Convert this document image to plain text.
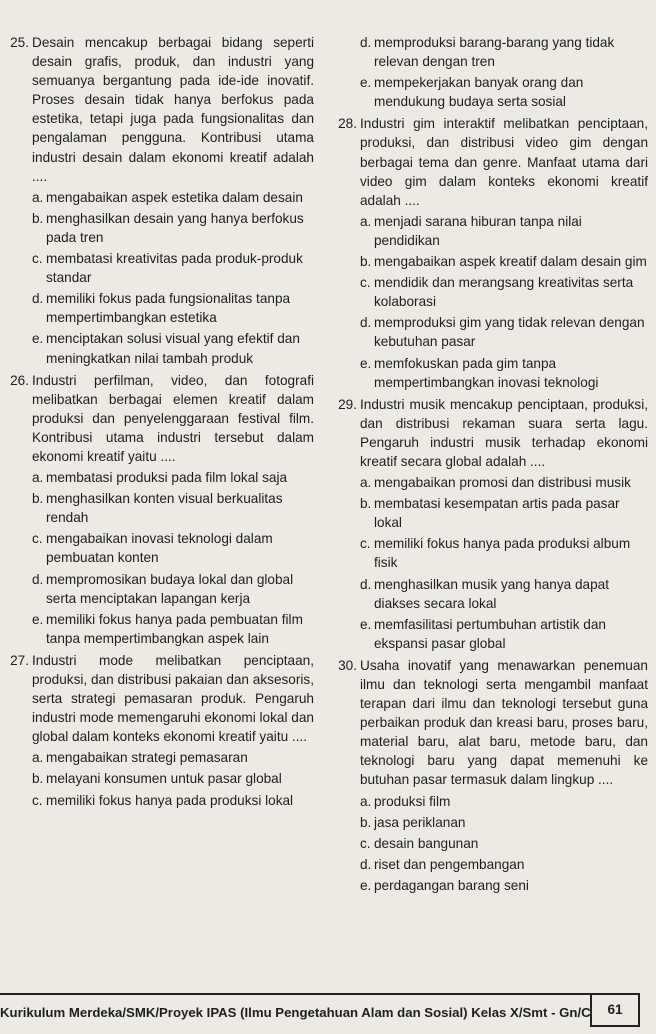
25. Desain mencakup berbagai bidang seperti desain grafis, produk, dan industri yang semuanya bergantung pada ide-ide inovatif. Proses desain tidak hanya berfokus pada estetika, tetapi juga pada fungsionalitas dan pengalaman pengguna. Kontribusi utama industri desain dalam ekonomi kreatif adalah ....
a. mengabaikan aspek estetika dalam desain
b. menghasilkan desain yang hanya berfokus pada tren
c. membatasi kreativitas pada produk-produk standar
d. memiliki fokus pada fungsionalitas tanpa mempertimbangkan estetika
e. menciptakan solusi visual yang efektif dan meningkatkan nilai tambah produk
26. Industri perfilman, video, dan fotografi melibatkan berbagai elemen kreatif dalam produksi dan penyelenggaraan festival film. Kontribusi utama industri tersebut dalam ekonomi kreatif yaitu ....
a. membatasi produksi pada film lokal saja
b. menghasilkan konten visual berkualitas rendah
c. mengabaikan inovasi teknologi dalam pembuatan konten
d. mempromosikan budaya lokal dan global serta menciptakan lapangan kerja
e. memiliki fokus hanya pada pembuatan film tanpa mempertimbangkan aspek lain
27. Industri mode melibatkan penciptaan, produksi, dan distribusi pakaian dan aksesoris, serta strategi pemasaran produk. Pengaruh industri mode memengaruhi ekonomi lokal dan global dalam konteks ekonomi kreatif yaitu ....
a. mengabaikan strategi pemasaran
b. melayani konsumen untuk pasar global
c. memiliki fokus hanya pada produksi lokal
d. memproduksi barang-barang yang tidak relevan dengan tren
e. mempekerjakan banyak orang dan mendukung budaya serta sosial
28. Industri gim interaktif melibatkan penciptaan, produksi, dan distribusi video gim dengan berbagai tema dan genre. Manfaat utama dari video gim dalam konteks ekonomi kreatif adalah ....
a. menjadi sarana hiburan tanpa nilai pendidikan
b. mengabaikan aspek kreatif dalam desain gim
c. mendidik dan merangsang kreativitas serta kolaborasi
d. memproduksi gim yang tidak relevan dengan kebutuhan pasar
e. memfokuskan pada gim tanpa mempertimbangkan inovasi teknologi
29. Industri musik mencakup penciptaan, produksi, dan distribusi rekaman suara serta lagu. Pengaruh industri musik terhadap ekonomi kreatif secara global adalah ....
a. mengabaikan promosi dan distribusi musik
b. membatasi kesempatan artis pada pasar lokal
c. memiliki fokus hanya pada produksi album fisik
d. menghasilkan musik yang hanya dapat diakses secara lokal
e. memfasilitasi pertumbuhan artistik dan ekspansi pasar global
30. Usaha inovatif yang menawarkan penemuan ilmu dan teknologi serta mengambil manfaat terapan dari ilmu dan teknologi tersebut guna perbaikan produk dan kreasi baru, proses baru, material baru, alat baru, metode baru, dan teknologi baru yang dapat memenuhi ke butuhan pasar termasuk dalam lingkup ....
a. produksi film
b. jasa periklanan
c. desain bangunan
d. riset dan pengembangan
e. perdagangan barang seni
Kurikulum Merdeka/SMK/Proyek IPAS (Ilmu Pengetahuan Alam dan Sosial) Kelas X/Smt - Gn/C	61
